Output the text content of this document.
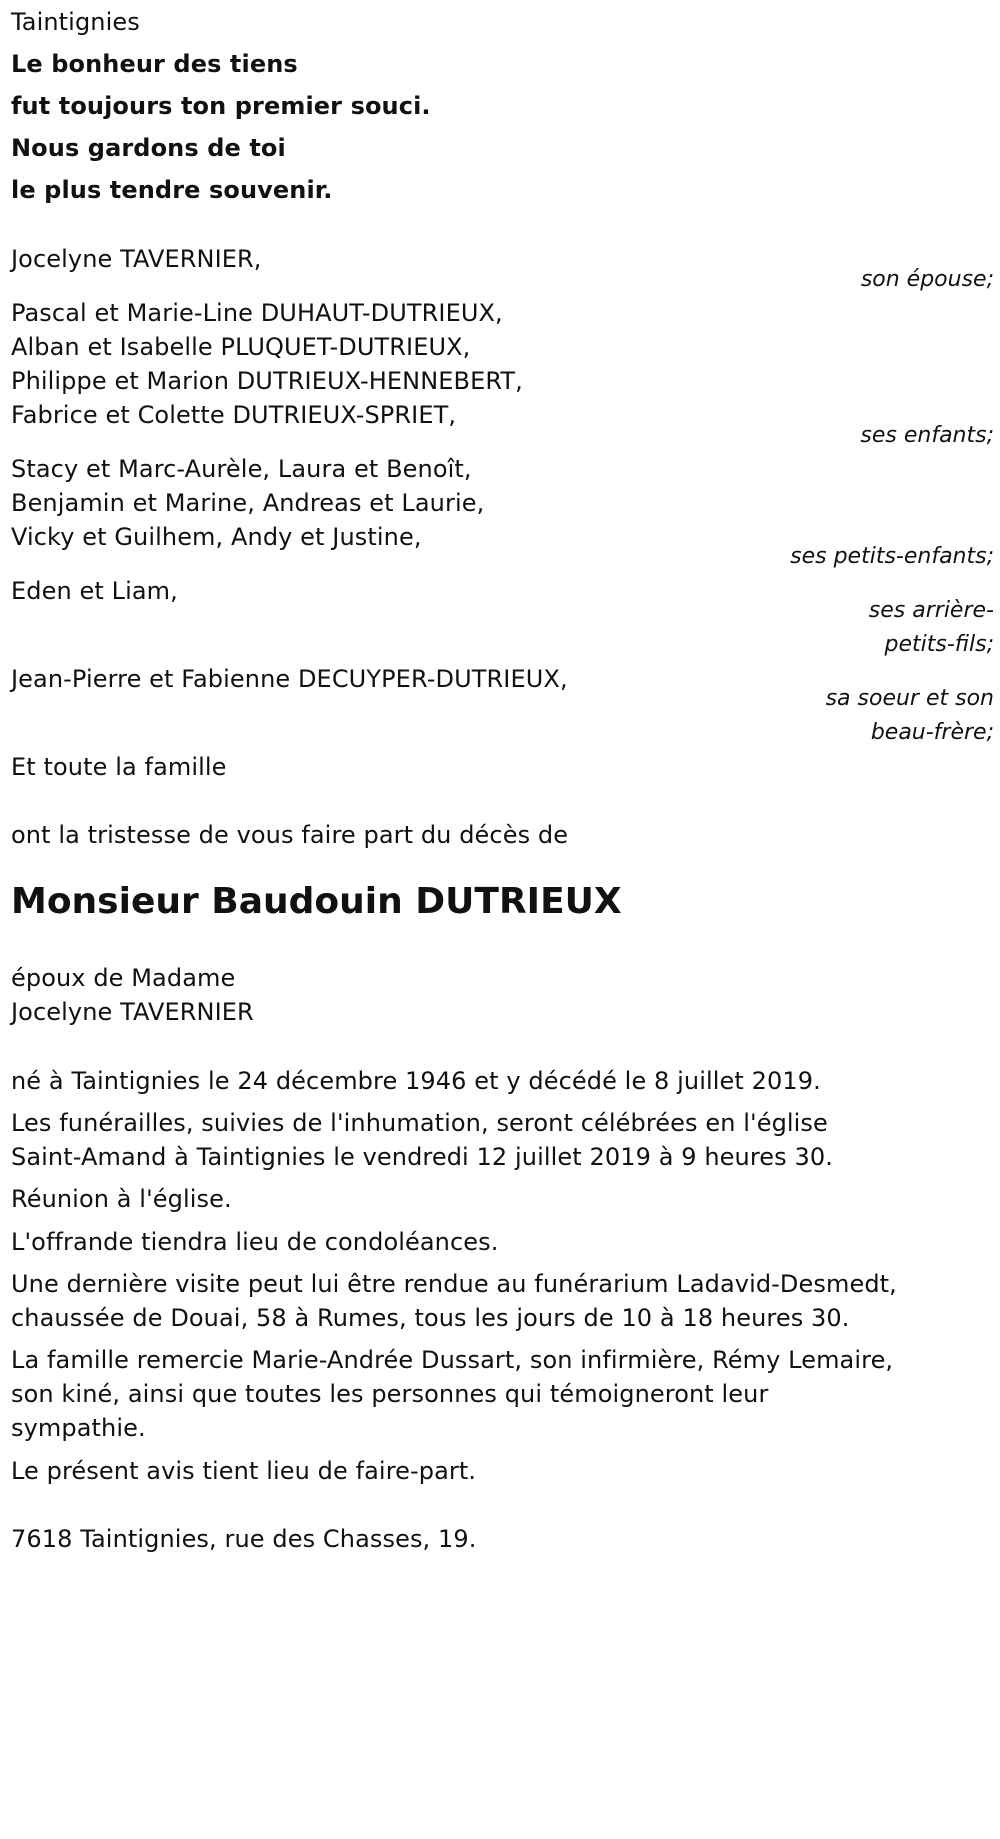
Taintignies
Le bonheur des tiens
fut toujours ton premier souci.
Nous gardons de toi
le plus tendre souvenir.
Jocelyne TAVERNIER,
son épouse;
Pascal et Marie-Line DUHAUT-DUTRIEUX,
Alban et Isabelle PLUQUET-DUTRIEUX,
Philippe et Marion DUTRIEUX-HENNEBERT,
Fabrice et Colette DUTRIEUX-SPRIET,
ses enfants;
Stacy et Marc-Aurèle, Laura et Benoît,
Benjamin et Marine, Andreas et Laurie,
Vicky et Guilhem, Andy et Justine,
ses petits-enfants;
Eden et Liam,
ses arrière-
petits-fils;
Jean-Pierre et Fabienne DECUYPER-DUTRIEUX,
sa soeur et son
beau-frère;
Et toute la famille
ont la tristesse de vous faire part du décès de
Monsieur Baudouin DUTRIEUX
époux de Madame
Jocelyne TAVERNIER
né à Taintignies le 24 décembre 1946 et y décédé le 8 juillet 2019.
Les funérailles, suivies de l'inhumation, seront célébrées en l'église
Saint-Amand à Taintignies le vendredi 12 juillet 2019 à 9 heures 30.
Réunion à l'église.
L'offrande tiendra lieu de condoléances.
Une dernière visite peut lui être rendue au funérarium Ladavid-Desmedt,
chaussée de Douai, 58 à Rumes, tous les jours de 10 à 18 heures 30.
La famille remercie Marie-Andrée Dussart, son infirmière, Rémy Lemaire,
son kiné, ainsi que toutes les personnes qui témoigneront leur
sympathie.
Le présent avis tient lieu de faire-part.
7618 Taintignies, rue des Chasses, 19.
